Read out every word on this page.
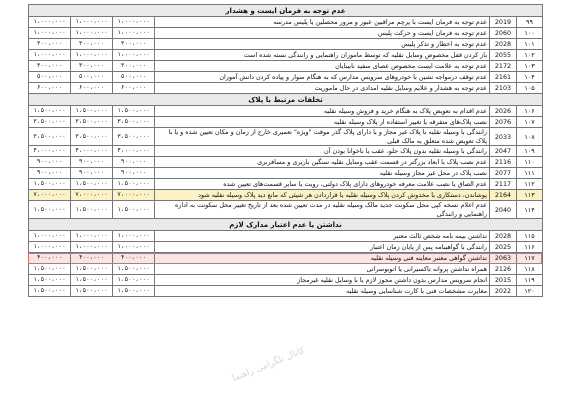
عدم توجه به فرمان ایست و هشدار					
۱،۰۰۰،۰۰۰	۱،۰۰۰،۰۰۰	۱،۰۰۰،۰۰۰	عدم توجه به فرمان ایست با پرچم مراقبین عبور و مرور محصلین یا پلیس مدرسه	2019	۹۹
۱،۰۰۰،۰۰۰	۱،۰۰۰،۰۰۰	۱،۰۰۰،۰۰۰	عدم توجه به فرمان ایست و حرکت پلیس	2060	۱۰۰
۳۰۰،۰۰۰	۳۰۰،۰۰۰	۳۰۰،۰۰۰	عدم توجه به اخطار و تذکر پلیس	2028	۱۰۱
۱،۰۰۰،۰۰۰	۱،۰۰۰،۰۰۰	۱،۰۰۰،۰۰۰	باز کردن قفل مخصوص وسایل نقلیه که توسط ماموران راهنمایی و رانندگی بسته شده است	2055	۱۰۲
۳۰۰،۰۰۰	۳۰۰،۰۰۰	۳۰۰،۰۰۰	عدم توجه به علامت ایست مخصوص عصای سفید نابینایان	2172	۱۰۳
۵۰۰،۰۰۰	۵۰۰،۰۰۰	۵۰۰،۰۰۰	عدم توقف درمواجه نشین با خودروهای سرویس مدارس که به هنگام سوار و پیاده کردن دانش آموزان	2161	۱۰۴
۶۰۰،۰۰۰	۶۰۰،۰۰۰	۶۰۰،۰۰۰	عدم توجه به هشدار و علایم وسایل نقلیه امدادی در حال ماموریت	2103	۱۰۵
تخلفات مرتبط با پلاک					
۱،۵۰۰،۰۰۰	۱،۵۰۰،۰۰۰	۱،۵۰۰،۰۰۰	عدم اقدام به تعویض پلاک به هنگام خرید و فروش وسیله نقلیه	2026	۱۰۶
۳،۵۰۰،۰۰۰	۳،۵۰۰،۰۰۰	۳،۵۰۰،۰۰۰	نصب پلاک‌های متفرقه یا تغییر استفاده از پلاک وسیله نقلیه	2076	۱۰۷
۳،۵۰۰،۰۰۰	۳،۵۰۰،۰۰۰	۳،۵۰۰،۰۰۰	رانندگی با وسیله نقلیه با پلاک غیر مجاز و یا دارای پلاک گذر موقت "ویژه" تعمیری خارج از زمان و مکان تعیین شده و یا با پلاک تعویض شده متعلق به مالک قبلی	2033	۱۰۸
۴،۰۰۰،۰۰۰	۴،۰۰۰،۰۰۰	۴،۰۰۰،۰۰۰	رانندگی با وسیله نقلیه بدون پلاک جلو، عقب یا ناخوانا بودن آن	2047	۱۰۹
۹۰۰،۰۰۰	۹۰۰،۰۰۰	۹۰۰،۰۰۰	عدم نصب پلاک با ابعاد بزرگتر در قسمت عقب وسایل نقلیه سنگین باربری و مسافربری	2116	۱۱۰
۹۰۰،۰۰۰	۹۰۰،۰۰۰	۹۰۰،۰۰۰	نصب پلاک در محل غیر مجاز وسیله نقلیه	2077	۱۱۱
۱،۵۰۰،۰۰۰	۱،۵۰۰،۰۰۰	۱،۵۰۰،۰۰۰	عدم الصاق یا نصب علامت معرفه خودروهای دارای پلاک دولتی، رویت یا سایر قسمت‌های تعیین شده	2117	۱۱۲
۷،۰۰۰،۰۰۰	۷،۰۰۰،۰۰۰	۷،۰۰۰،۰۰۰	پوشاندن، دستکاری یا مخدوش کردن پلاک وسیله نقلیه یا قراردادن هر شیئی که مانع دید پلاک وسیله نقلیه شود	2164	۱۱۳
۱،۵۰۰،۰۰۰	۱،۵۰۰،۰۰۰	۱،۵۰۰،۰۰۰	عدم اعلام نسخه کپی محل سکونت جدید مالک وسیله نقلیه در مدت تعیین شده بعد از تاریخ تغییر محل سکونت به اداره راهنمایی و رانندگی	2040	۱۱۴
نداشتن یا عدم اعتبار مدارک لازم					
۱،۰۰۰،۰۰۰	۱،۰۰۰،۰۰۰	۱،۰۰۰،۰۰۰	نداشتن بیمه نامه شخص ثالث معتبر	2028	۱۱۵
۱،۰۰۰،۰۰۰	۱،۰۰۰،۰۰۰	۱،۰۰۰،۰۰۰	رانندگی با گواهینامه پس از پایان زمان اعتبار	2025	۱۱۶
۴۰۰،۰۰۰	۴۰۰،۰۰۰	۴۰۰،۰۰۰	نداشتن گواهی معتبر معاینه فنی وسیله نقلیه	2063	۱۱۷
۱،۵۰۰،۰۰۰	۱،۵۰۰،۰۰۰	۱،۵۰۰،۰۰۰	همراه نداشتن پروانه تاکسیرانی یا اتوبوسرانی	2126	۱۱۸
۱،۵۰۰،۰۰۰	۱،۵۰۰،۰۰۰	۱،۵۰۰،۰۰۰	انجام سرویس مدارس بدون داشتن مجوز لازم یا با وسایل نقلیه غیرمجاز	2015	۱۱۹
۱،۵۰۰،۰۰۰	۱،۵۰۰،۰۰۰	۱،۵۰۰،۰۰۰	مغایرت مشخصات فنی با کارت شناسایی وسیله نقلیه	2022	۱۲۰
کانال تلگرامی راهنما
